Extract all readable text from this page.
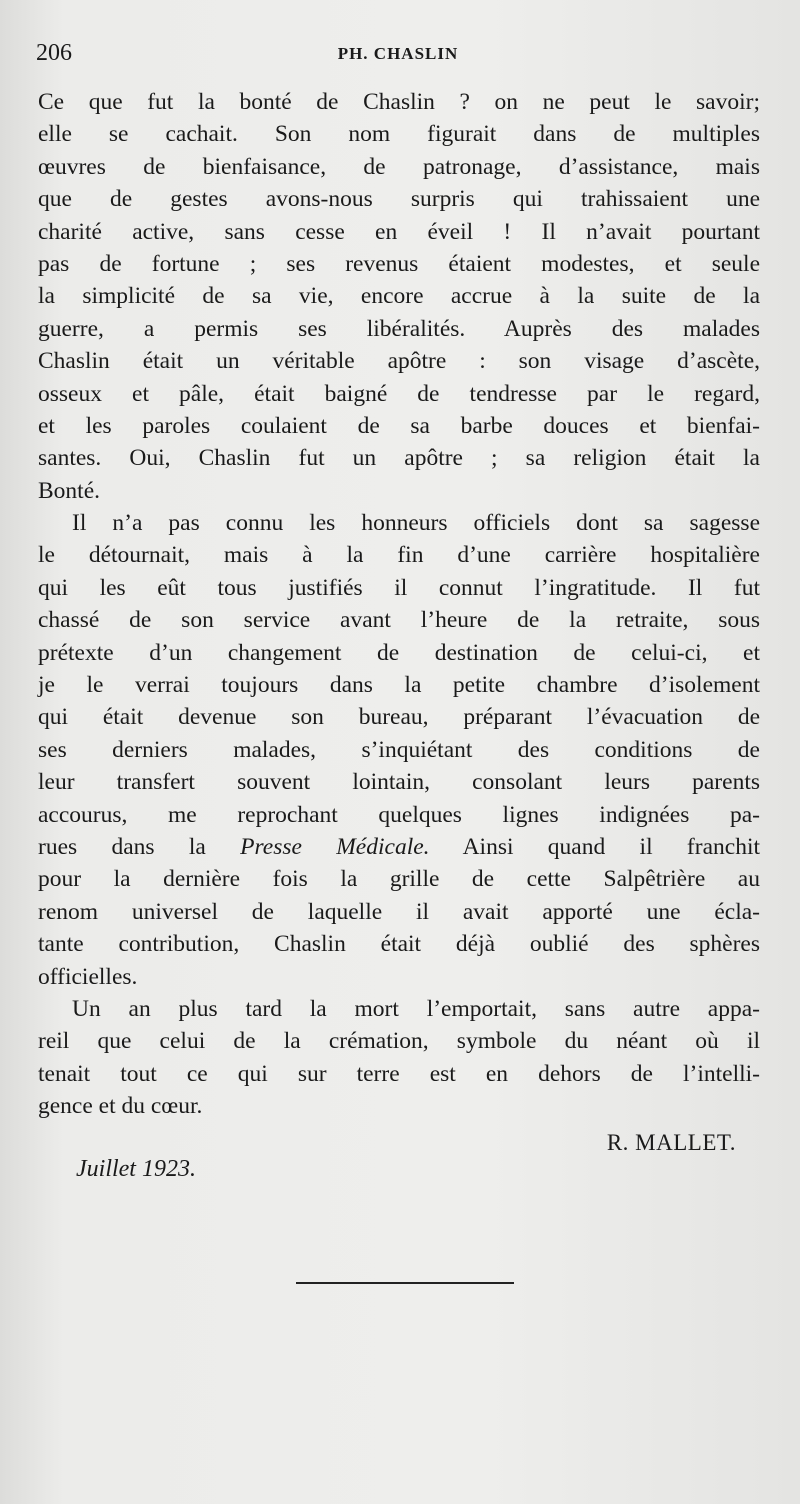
206	PH. CHASLIN
Ce que fut la bonté de Chaslin ? on ne peut le savoir;
elle se cachait. Son nom figurait dans de multiples
œuvres de bienfaisance, de patronage, d’assistance, mais
que de gestes avons-nous surpris qui trahissaient une
charité active, sans cesse en éveil ! Il n’avait pourtant
pas de fortune ; ses revenus étaient modestes, et seule
la simplicité de sa vie, encore accrue à la suite de la
guerre, a permis ses libéralités. Auprès des malades
Chaslin était un véritable apôtre : son visage d’ascète,
osseux et pâle, était baigné de tendresse par le regard,
et les paroles coulaient de sa barbe douces et bienfai-
santes. Oui, Chaslin fut un apôtre ; sa religion était la
Bonté.
Il n’a pas connu les honneurs officiels dont sa sagesse
le détournait, mais à la fin d’une carrière hospitalière
qui les eût tous justifiés il connut l’ingratitude. Il fut
chassé de son service avant l’heure de la retraite, sous
prétexte d’un changement de destination de celui-ci, et
je le verrai toujours dans la petite chambre d’isolement
qui était devenue son bureau, préparant l’évacuation de
ses derniers malades, s’inquiétant des conditions de
leur transfert souvent lointain, consolant leurs parents
accourus, me reprochant quelques lignes indignées pa-
rues dans la Presse Médicale. Ainsi quand il franchit
pour la dernière fois la grille de cette Salpêtrière au
renom universel de laquelle il avait apporté une écla-
tante contribution, Chaslin était déjà oublié des sphères
officielles.
Un an plus tard la mort l’emportait, sans autre appa-
reil que celui de la crémation, symbole du néant où il
tenait tout ce qui sur terre est en dehors de l’intelli-
gence et du cœur.
R. MALLET.
Juillet 1923.
